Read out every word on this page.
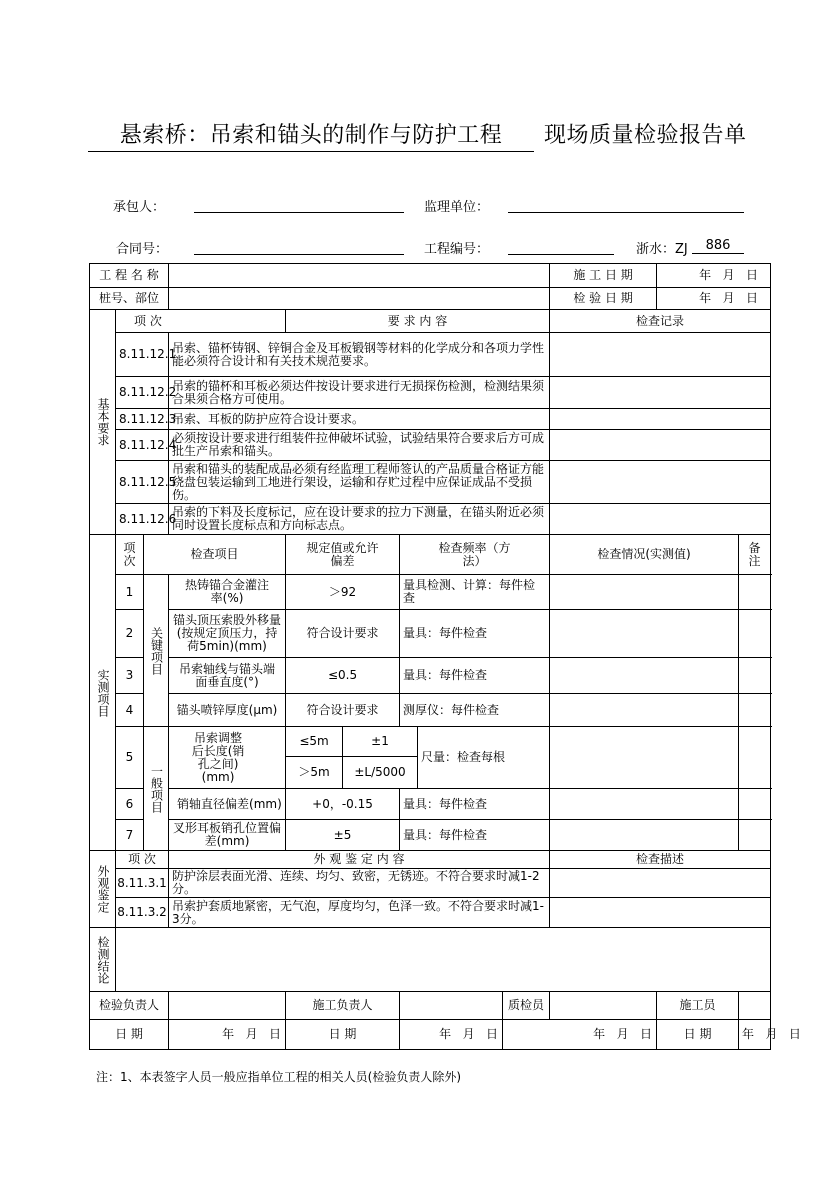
悬索桥：吊索和锚头的制作与防护工程	现场质量检验报告单
承包人：	监理单位：
合同号：	工程编号：	浙水：ZJ	886
工 程 名 称									施 工 日 期	年   月   日	
桩号、部位									检 验 日 期	年   月   日	
基本要求	项 次			要 求 内 容					检查记录		
	8.11.12.1		吊索、锚杯铸钢、锌铜合金及耳板锻钢等材料的化学成分和各项力学性能必须符合设计和有关技术规范要求。								
	8.11.12.2		吊索的锚杯和耳板必须达件按设计要求进行无损探伤检测，检测结果须合果须合格方可使用。								
	8.11.12.3		吊索、耳板的防护应符合设计要求。								
	8.11.12.4		必须按设计要求进行组装件拉伸破坏试验，试验结果符合要求后方可成批生产吊索和锚头。								
	8.11.12.5		吊索和锚头的装配成品必须有经监理工程师签认的产品质量合格证方能绕盘包装运输到工地进行架设，运输和存贮过程中应保证成品不受损伤。								
	8.11.12.6		吊索的下料及长度标记，应在设计要求的拉力下测量，在锚头附近必须同时设置长度标点和方向标志点。								
实测项目	项次	检查项目		规定值或允许偏差		检查频率（方 法）			检查情况(实测值)		备 注
	1	关键项目	热铸锚合金灌注率(%)	＞92		量具检测、计算：每件检查					
	2		锚头顶压索股外移量(按规定顶压力，持荷5min)(mm)	符合设计要求		量具：每件检查					
	3		吊索轴线与锚头端面垂直度(°)	≤0.5		量具：每件检查					
	4		锚头喷锌厚度(μm)	符合设计要求		测厚仪：每件检查					
	5	一般项目	吊索调整后长度(销孔之间)(mm)	≤5m	±1		尺量：检查每根				
				＞5m	±L/5000						
	6		销轴直径偏差(mm)	+0，-0.15		量具：每件检查					
	7		叉形耳板销孔位置偏差(mm)	±5		量具：每件检查					
外观鉴定	项 次		外 观 鉴 定 内 容						检查描述		
	8.11.3.1		防护涂层表面光滑、连续、均匀、致密，无锈迹。不符合要求时减1-2分。								
	8.11.3.2		吊索护套质地紧密，无气泡，厚度均匀，色泽一致。不符合要求时减1-3分。								
检测结论											
检验负责人				施工负责人				质检员		施工员	
日 期			年   月   日	日 期		年   月   日		年   月   日		日 期	年   月   日
注：1、本表签字人员一般应指单位工程的相关人员(检验负责人除外)
